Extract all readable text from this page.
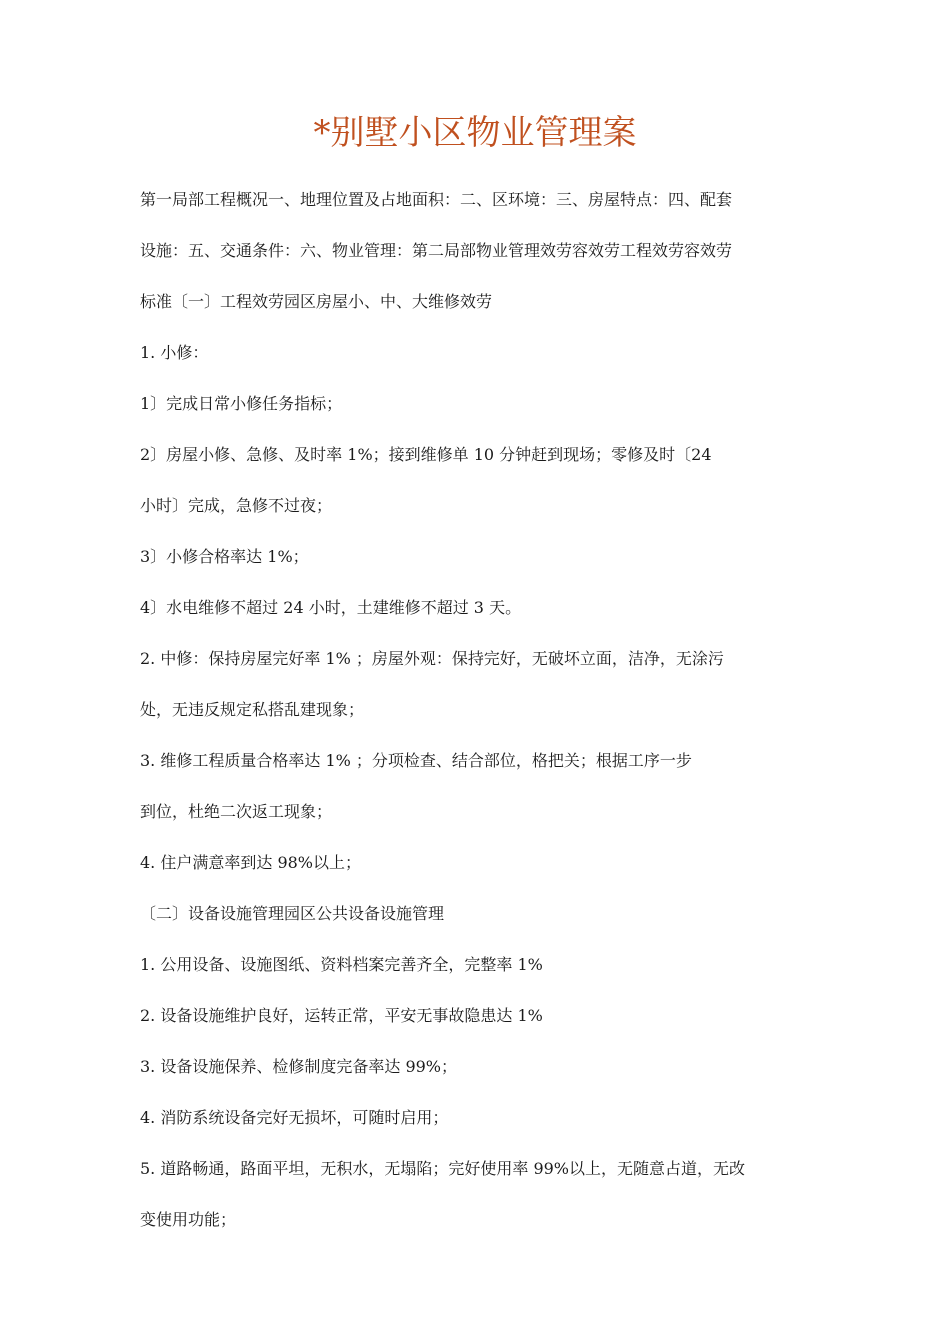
*别墅小区物业管理案
第一局部工程概况一、地理位置及占地面积：二、区环境：三、房屋特点：四、配套
设施：五、交通条件：六、物业管理：第二局部物业管理效劳容效劳工程效劳容效劳
标准〔一〕工程效劳园区房屋小、中、大维修效劳
1. 小修：
1〕完成日常小修任务指标；
2〕房屋小修、急修、及时率 1%；接到维修单 10 分钟赶到现场；零修及时〔24
小时〕完成，急修不过夜；
3〕小修合格率达 1%；
4〕水电维修不超过 24 小时，土建维修不超过 3 天。
2. 中修：保持房屋完好率 1% ；房屋外观：保持完好，无破坏立面，洁净，无涂污
处，无违反规定私搭乱建现象；
3. 维修工程质量合格率达 1% ；分项检查、结合部位，格把关；根据工序一步
到位，杜绝二次返工现象；
4. 住户满意率到达 98%以上；
〔二〕设备设施管理园区公共设备设施管理
1. 公用设备、设施图纸、资料档案完善齐全，完整率 1%
2. 设备设施维护良好，运转正常，平安无事故隐患达 1%
3. 设备设施保养、检修制度完备率达 99%；
4. 消防系统设备完好无损坏，可随时启用；
5. 道路畅通，路面平坦，无积水，无塌陷；完好使用率 99%以上，无随意占道，无改
变使用功能；
